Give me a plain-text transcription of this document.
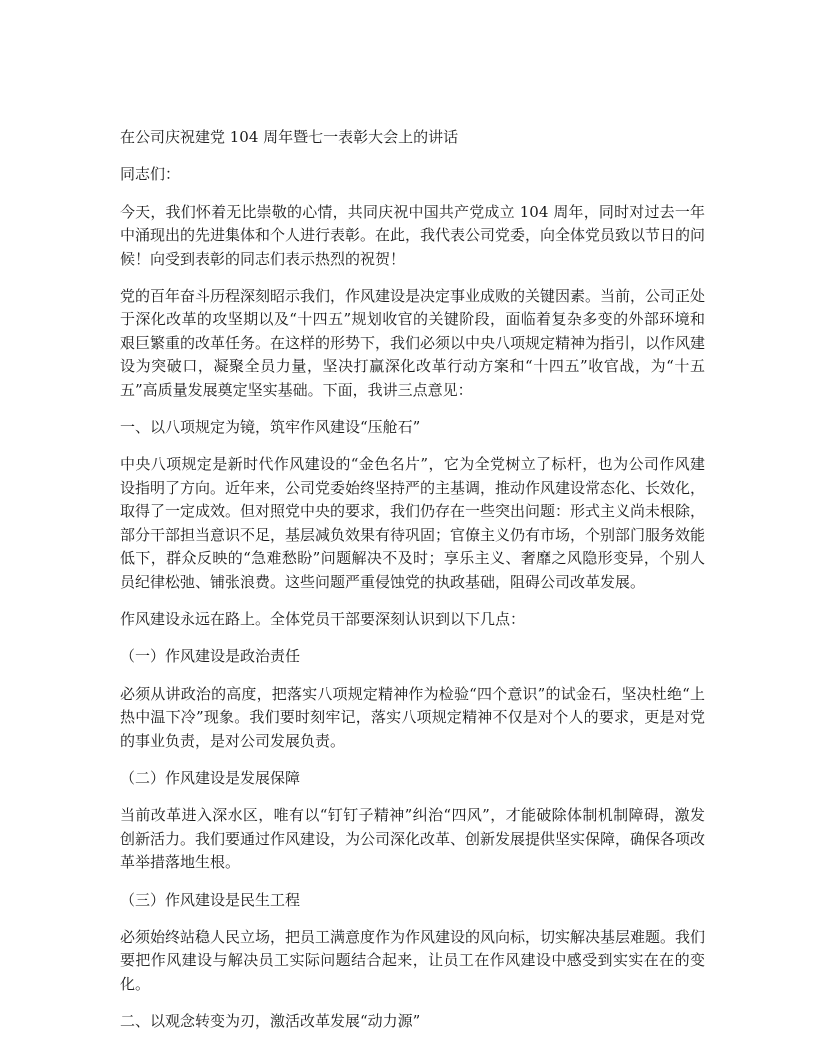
在公司庆祝建党 104 周年暨七一表彰大会上的讲话

同志们：

今天，我们怀着无比崇敬的心情，共同庆祝中国共产党成立 104 周年，同时对过去一年中涌现出的先进集体和个人进行表彰。在此，我代表公司党委，向全体党员致以节日的问候！向受到表彰的同志们表示热烈的祝贺！

党的百年奋斗历程深刻昭示我们，作风建设是决定事业成败的关键因素。当前，公司正处于深化改革的攻坚期以及“十四五”规划收官的关键阶段，面临着复杂多变的外部环境和艰巨繁重的改革任务。在这样的形势下，我们必须以中央八项规定精神为指引，以作风建设为突破口，凝聚全员力量，坚决打赢深化改革行动方案和“十四五”收官战，为“十五五”高质量发展奠定坚实基础。下面，我讲三点意见：

一、以八项规定为镜，筑牢作风建设“压舱石”

中央八项规定是新时代作风建设的“金色名片”，它为全党树立了标杆，也为公司作风建设指明了方向。近年来，公司党委始终坚持严的主基调，推动作风建设常态化、长效化，取得了一定成效。但对照党中央的要求，我们仍存在一些突出问题：形式主义尚未根除，部分干部担当意识不足，基层减负效果有待巩固；官僚主义仍有市场，个别部门服务效能低下，群众反映的“急难愁盼”问题解决不及时；享乐主义、奢靡之风隐形变异，个别人员纪律松弛、铺张浪费。这些问题严重侵蚀党的执政基础，阻碍公司改革发展。

作风建设永远在路上。全体党员干部要深刻认识到以下几点：

（一）作风建设是政治责任

必须从讲政治的高度，把落实八项规定精神作为检验“四个意识”的试金石，坚决杜绝“上热中温下冷”现象。我们要时刻牢记，落实八项规定精神不仅是对个人的要求，更是对党的事业负责，是对公司发展负责。

（二）作风建设是发展保障

当前改革进入深水区，唯有以“钉钉子精神”纠治“四风”，才能破除体制机制障碍，激发创新活力。我们要通过作风建设，为公司深化改革、创新发展提供坚实保障，确保各项改革举措落地生根。

（三）作风建设是民生工程

必须始终站稳人民立场，把员工满意度作为作风建设的风向标，切实解决基层难题。我们要把作风建设与解决员工实际问题结合起来，让员工在作风建设中感受到实实在在的变化。

二、以观念转变为刃，激活改革发展“动力源”
